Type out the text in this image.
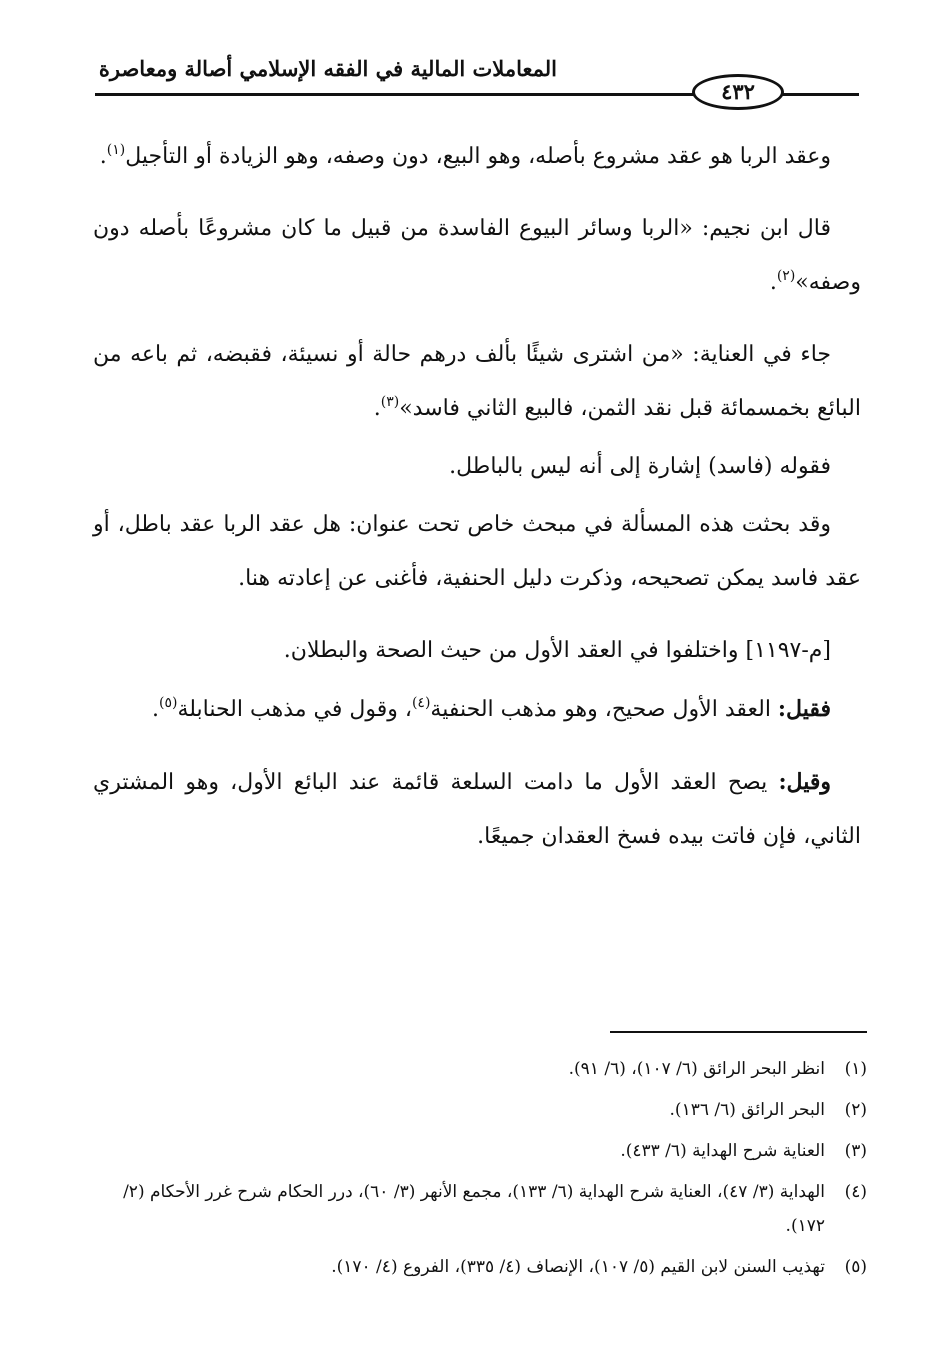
المعاملات المالية في الفقه الإسلامي أصالة ومعاصرة
٤٣٢

وعقد الربا هو عقد مشروع بأصله، وهو البيع، دون وصفه، وهو الزيادة أو التأجيل$^{(١)}$.

قال ابن نجيم: «الربا وسائر البيوع الفاسدة من قبيل ما كان مشروعًا بأصله دون وصفه»$^{(٢)}$.

جاء في العناية: «من اشترى شيئًا بألف درهم حالة أو نسيئة، فقبضه، ثم باعه من البائع بخمسمائة قبل نقد الثمن، فالبيع الثاني فاسد»$^{(٣)}$.

فقوله (فاسد) إشارة إلى أنه ليس بالباطل.

وقد بحثت هذه المسألة في مبحث خاص تحت عنوان: هل عقد الربا عقد باطل، أو عقد فاسد يمكن تصحيحه، وذكرت دليل الحنفية، فأغنى عن إعادته هنا.

[م-١١٩٧] واختلفوا في العقد الأول من حيث الصحة والبطلان.

فقيل: العقد الأول صحيح، وهو مذهب الحنفية$^{(٤)}$، وقول في مذهب الحنابلة$^{(٥)}$.

وقيل: يصح العقد الأول ما دامت السلعة قائمة عند البائع الأول، وهو المشتري الثاني، فإن فاتت بيده فسخ العقدان جميعًا.

(١)
انظر البحر الرائق (٦/ ١٠٧)، (٦/ ٩١).
(٢)
البحر الرائق (٦/ ١٣٦).
(٣)
العناية شرح الهداية (٦/ ٤٣٣).
(٤)
الهداية (٣/ ٤٧)، العناية شرح الهداية (٦/ ١٣٣)، مجمع الأنهر (٣/ ٦٠)، درر الحكام شرح غرر الأحكام (٢/ ١٧٢).
(٥)
تهذيب السنن لابن القيم (٥/ ١٠٧)، الإنصاف (٤/ ٣٣٥)، الفروع (٤/ ١٧٠).
